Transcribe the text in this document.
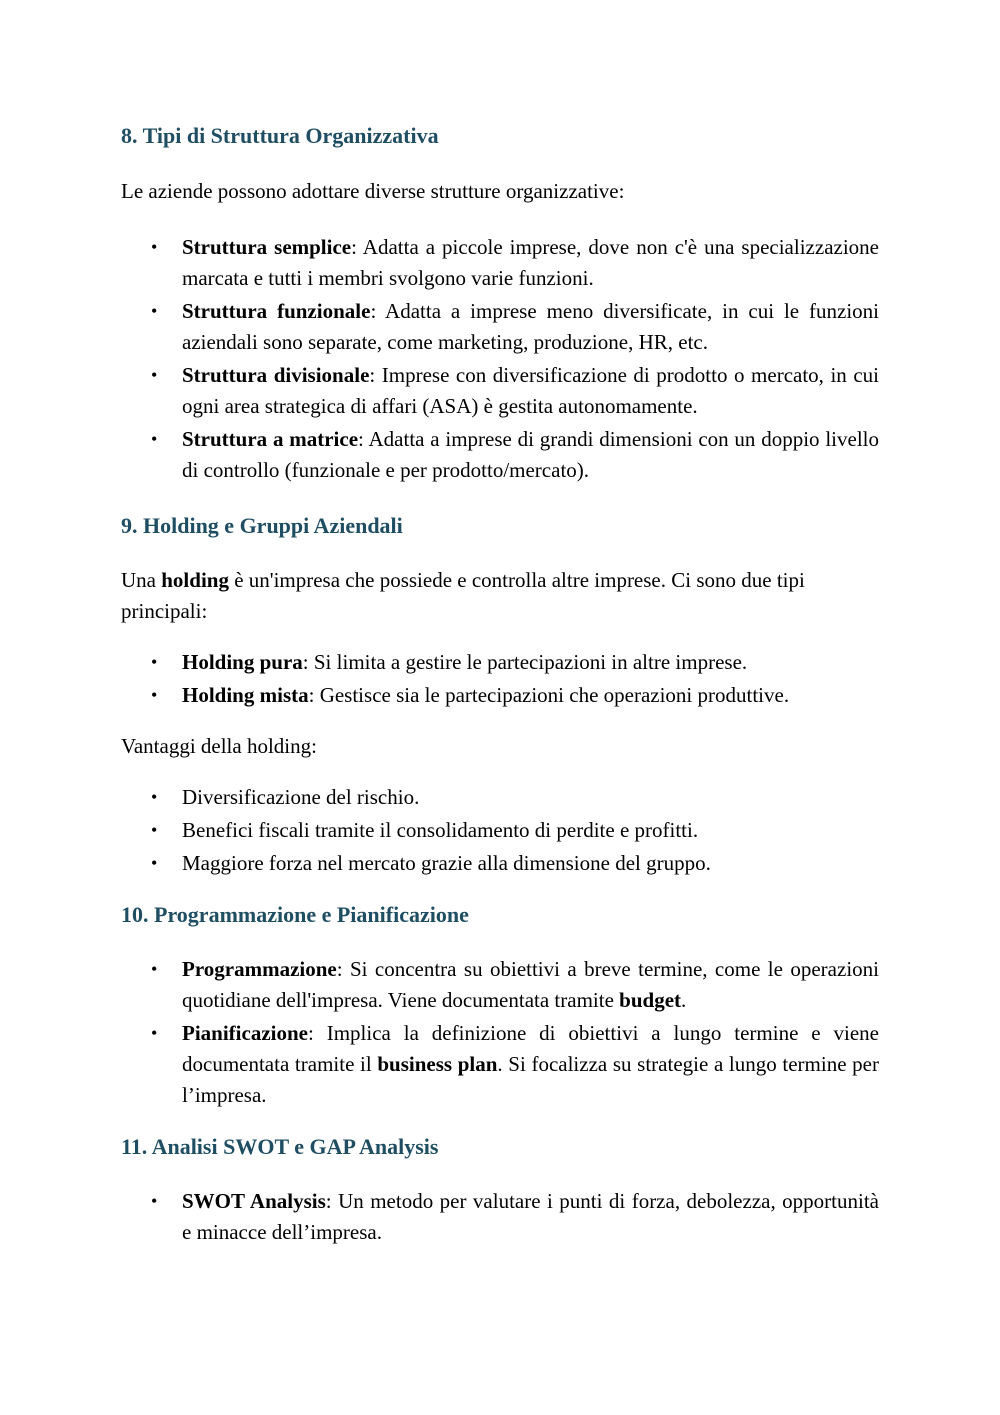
8. Tipi di Struttura Organizzativa

Le aziende possono adottare diverse strutture organizzative:

• Struttura semplice: Adatta a piccole imprese, dove non c'è una specializzazione marcata e tutti i membri svolgono varie funzioni.
• Struttura funzionale: Adatta a imprese meno diversificate, in cui le funzioni aziendali sono separate, come marketing, produzione, HR, etc.
• Struttura divisionale: Imprese con diversificazione di prodotto o mercato, in cui ogni area strategica di affari (ASA) è gestita autonomamente.
• Struttura a matrice: Adatta a imprese di grandi dimensioni con un doppio livello di controllo (funzionale e per prodotto/mercato).
9. Holding e Gruppi Aziendali

Una holding è un'impresa che possiede e controlla altre imprese. Ci sono due tipi principali:

• Holding pura: Si limita a gestire le partecipazioni in altre imprese.
• Holding mista: Gestisce sia le partecipazioni che operazioni produttive.

Vantaggi della holding:

• Diversificazione del rischio.
• Benefici fiscali tramite il consolidamento di perdite e profitti.
• Maggiore forza nel mercato grazie alla dimensione del gruppo.
10. Programmazione e Pianificazione
• Programmazione: Si concentra su obiettivi a breve termine, come le operazioni quotidiane dell'impresa. Viene documentata tramite budget.
• Pianificazione: Implica la definizione di obiettivi a lungo termine e viene documentata tramite il business plan. Si focalizza su strategie a lungo termine per l’impresa.
11. Analisi SWOT e GAP Analysis
• SWOT Analysis: Un metodo per valutare i punti di forza, debolezza, opportunità e minacce dell’impresa.
